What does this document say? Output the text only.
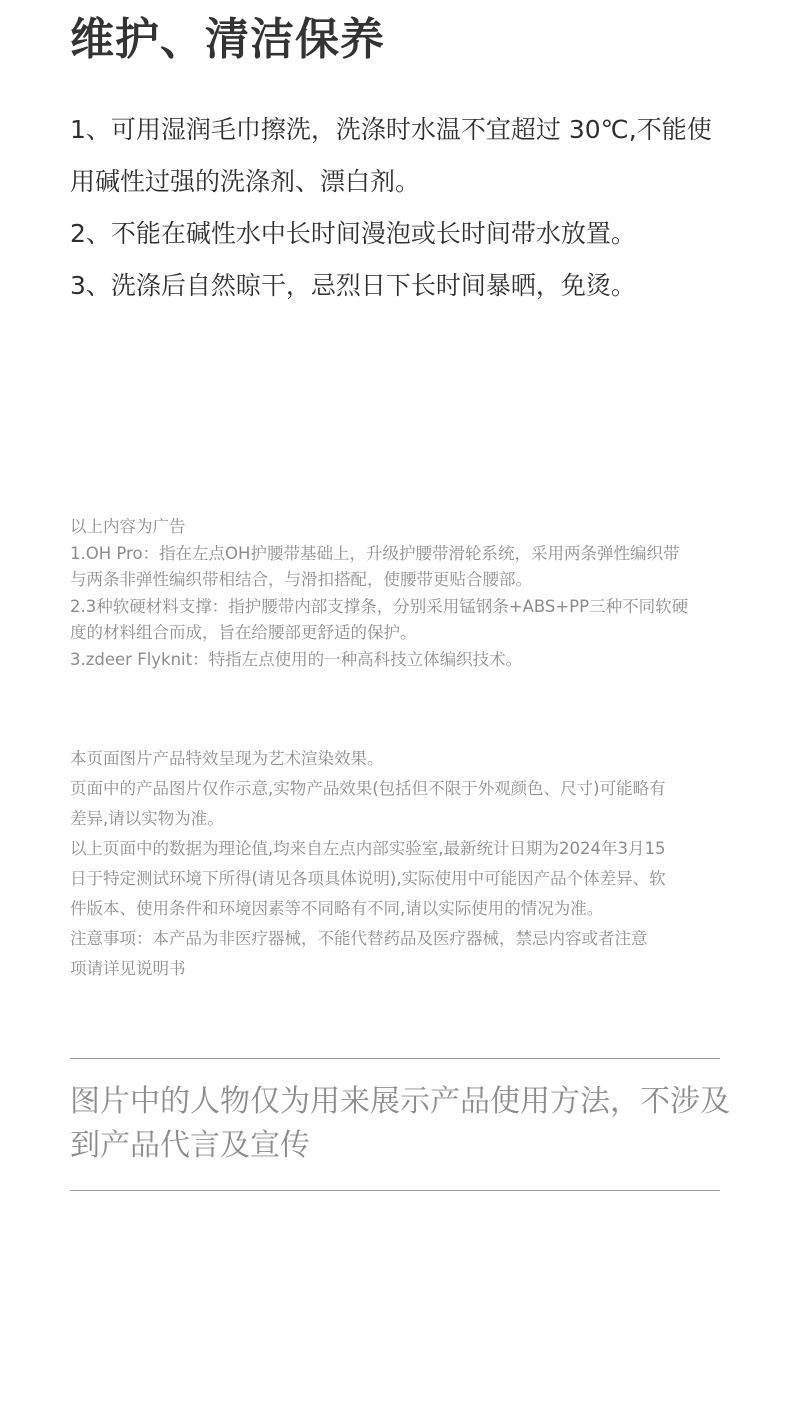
维护、清洁保养
1、可用湿润毛巾擦洗，洗涤时水温不宜超过 30℃,不能使
用碱性过强的洗涤剂、漂白剂。
2、不能在碱性水中长时间漫泡或长时间带水放置。
3、洗涤后自然晾干，忌烈日下长时间暴晒，免烫。
以上内容为广告
1.OH Pro：指在左点OH护腰带基础上，升级护腰带滑轮系统，采用两条弹性编织带
与两条非弹性编织带相结合，与滑扣搭配，使腰带更贴合腰部。
2.3种软硬材料支撑：指护腰带内部支撑条，分别采用锰钢条+ABS+PP三种不同软硬
度的材料组合而成，旨在给腰部更舒适的保护。
3.zdeer Flyknit：特指左点使用的一种高科技立体编织技术。
本页面图片产品特效呈现为艺术渲染效果。
页面中的产品图片仅作示意,实物产品效果(包括但不限于外观颜色、尺寸)可能略有
差异,请以实物为准。
以上页面中的数据为理论值,均来自左点内部实验室,最新统计日期为2024年3月15
日于特定测试环境下所得(请见各项具体说明),实际使用中可能因产品个体差异、软
件版本、使用条件和环境因素等不同略有不同,请以实际使用的情况为准。
注意事项：本产品为非医疗器械，不能代替药品及医疗器械，禁忌内容或者注意
项请详见说明书

图片中的人物仅为用来展示产品使用方法，不涉及到产品代言及宣传
